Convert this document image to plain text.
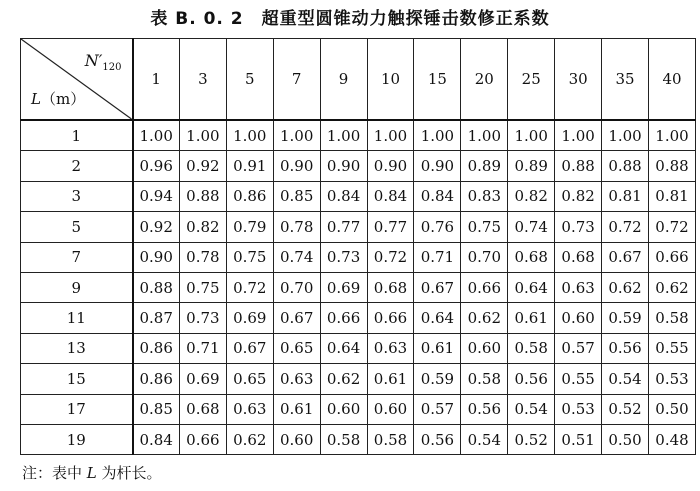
表 B. 0. 2　超重型圆锥动力触探锤击数修正系数
$N'_{120}$
L（m）	1	3	5	7	9	10	15	20	25	30	35	40
1	1.00	1.00	1.00	1.00	1.00	1.00	1.00	1.00	1.00	1.00	1.00	1.00
2	0.96	0.92	0.91	0.90	0.90	0.90	0.90	0.89	0.89	0.88	0.88	0.88
3	0.94	0.88	0.86	0.85	0.84	0.84	0.84	0.83	0.82	0.82	0.81	0.81
5	0.92	0.82	0.79	0.78	0.77	0.77	0.76	0.75	0.74	0.73	0.72	0.72
7	0.90	0.78	0.75	0.74	0.73	0.72	0.71	0.70	0.68	0.68	0.67	0.66
9	0.88	0.75	0.72	0.70	0.69	0.68	0.67	0.66	0.64	0.63	0.62	0.62
11	0.87	0.73	0.69	0.67	0.66	0.66	0.64	0.62	0.61	0.60	0.59	0.58
13	0.86	0.71	0.67	0.65	0.64	0.63	0.61	0.60	0.58	0.57	0.56	0.55
15	0.86	0.69	0.65	0.63	0.62	0.61	0.59	0.58	0.56	0.55	0.54	0.53
17	0.85	0.68	0.63	0.61	0.60	0.60	0.57	0.56	0.54	0.53	0.52	0.50
19	0.84	0.66	0.62	0.60	0.58	0.58	0.56	0.54	0.52	0.51	0.50	0.48
注：表中 L 为杆长。
